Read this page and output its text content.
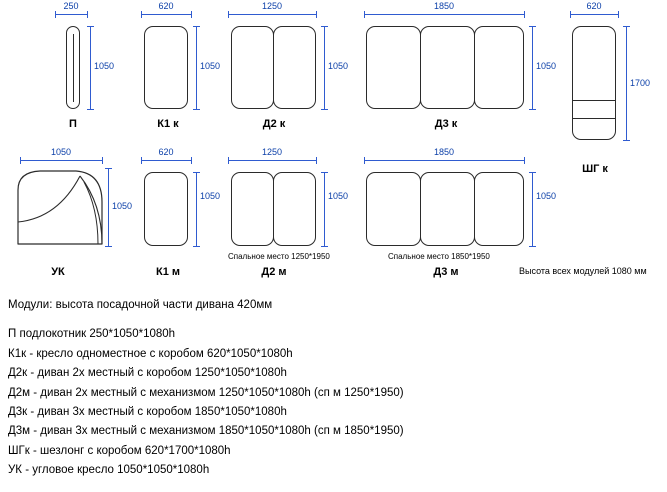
250
1050
П
620
1050
К1 к
1250
1050
Д2 к
1850
1050
Д3 к
620
1700
ШГ к
1050
1050
УК
620
1050
К1 м
1250
1050
Спальное место 1250*1950
Д2 м
1850
1050
Спальное место 1850*1950
Д3 м	Высота всех модулей 1080 мм
Модули: высота посадочной части дивана 420мм
П подлокотник 250*1050*1080h
К1к - кресло одноместное с коробом 620*1050*1080h
Д2к - диван 2х местный с коробом 1250*1050*1080h
Д2м - диван 2х местный с механизмом 1250*1050*1080h (сп м 1250*1950)
Д3к - диван 3х местный с коробом 1850*1050*1080h
Д3м - диван 3х местный с механизмом 1850*1050*1080h (сп м 1850*1950)
ШГк - шезлонг с коробом 620*1700*1080h
УК - угловое кресло 1050*1050*1080h
